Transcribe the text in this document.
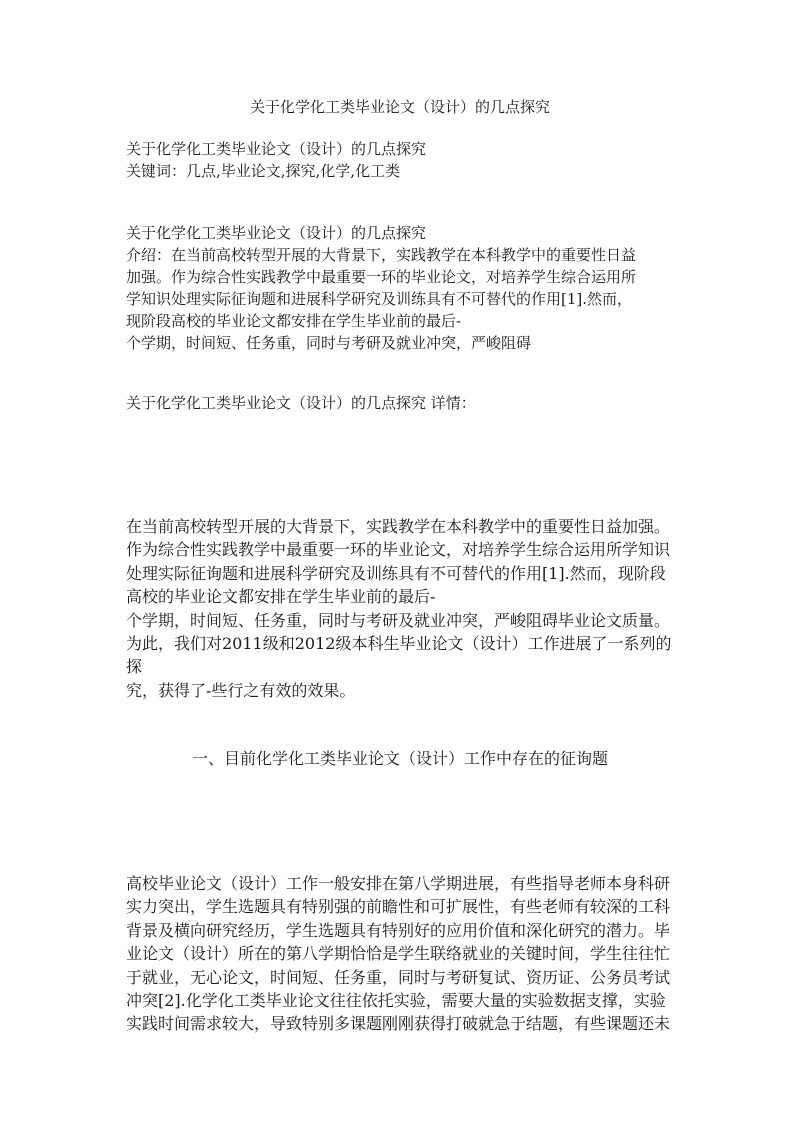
关于化学化工类毕业论文（设计）的几点探究

关于化学化工类毕业论文（设计）的几点探究

关键词：几点,毕业论文,探究,化学,化工类

关于化学化工类毕业论文（设计）的几点探究

介绍：在当前高校转型开展的大背景下，实践教学在本科教学中的重要性日益

加强。作为综合性实践教学中最重要一环的毕业论文，对培养学生综合运用所

学知识处理实际征询题和进展科学研究及训练具有不可替代的作用[1].然而，

现阶段高校的毕业论文都安排在学生毕业前的最后-

个学期，时间短、任务重，同时与考研及就业冲突，严峻阻碍

关于化学化工类毕业论文（设计）的几点探究 详情：

在当前高校转型开展的大背景下，实践教学在本科教学中的重要性日益加强。

作为综合性实践教学中最重要一环的毕业论文，对培养学生综合运用所学知识

处理实际征询题和进展科学研究及训练具有不可替代的作用[1].然而，现阶段

高校的毕业论文都安排在学生毕业前的最后-

个学期，时间短、任务重，同时与考研及就业冲突，严峻阻碍毕业论文质量。

为此，我们对2011级和2012级本科生毕业论文（设计）工作进展了一系列的探

究，获得了-些行之有效的效果。

一、目前化学化工类毕业论文（设计）工作中存在的征询题

高校毕业论文（设计）工作一般安排在第八学期进展，有些指导老师本身科研

实力突出，学生选题具有特别强的前瞻性和可扩展性，有些老师有较深的工科

背景及横向研究经历，学生选题具有特别好的应用价值和深化研究的潜力。毕

业论文（设计）所在的第八学期恰恰是学生联络就业的关键时间，学生往往忙

于就业，无心论文，时间短、任务重，同时与考研复试、资历证、公务员考试

冲突[2].化学化工类毕业论文往往依托实验，需要大量的实验数据支撑，实验

实践时间需求较大，导致特别多课题刚刚获得打破就急于结题，有些课题还未
